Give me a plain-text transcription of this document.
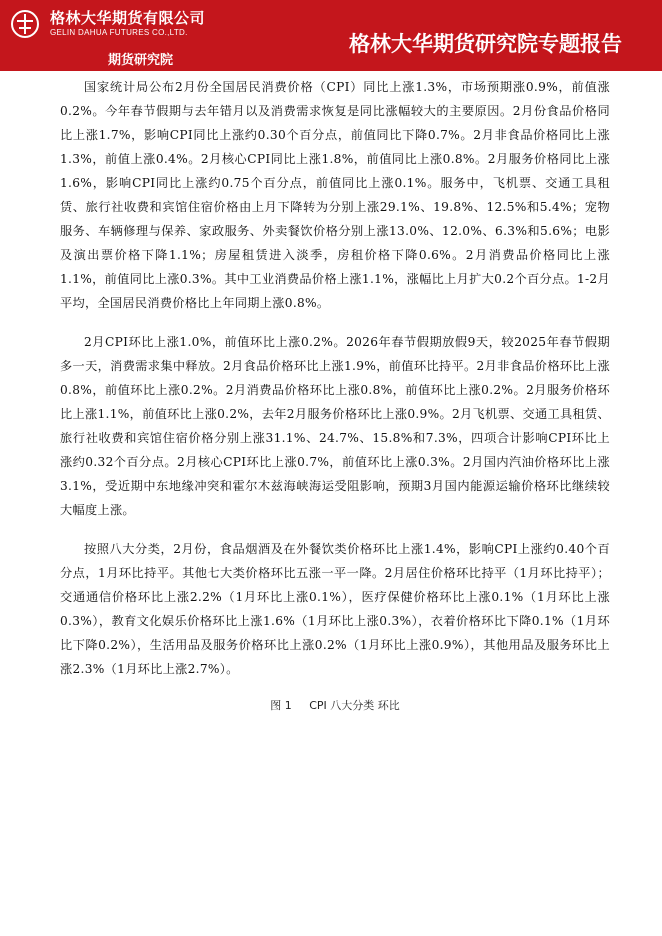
格林大华期货有限公司
GELIN DAHUA FUTURES CO.,LTD.
期货研究院
格林大华期货研究院专题报告

国家统计局公布2月份全国居民消费价格（CPI）同比上涨1.3%，市场预期涨0.9%，前值涨0.2%。今年春节假期与去年错月以及消费需求恢复是同比涨幅较大的主要原因。2月份食品价格同比上涨1.7%，影响CPI同比上涨约0.30个百分点，前值同比下降0.7%。2月非食品价格同比上涨1.3%，前值上涨0.4%。2月核心CPI同比上涨1.8%，前值同比上涨0.8%。2月服务价格同比上涨1.6%，影响CPI同比上涨约0.75个百分点，前值同比上涨0.1%。服务中，飞机票、交通工具租赁、旅行社收费和宾馆住宿价格由上月下降转为分别上涨29.1%、19.8%、12.5%和5.4%；宠物服务、车辆修理与保养、家政服务、外卖餐饮价格分别上涨13.0%、12.0%、6.3%和5.6%；电影及演出票价格下降1.1%；房屋租赁进入淡季，房租价格下降0.6%。2月消费品价格同比上涨1.1%，前值同比上涨0.3%。其中工业消费品价格上涨1.1%，涨幅比上月扩大0.2个百分点。1-2月平均，全国居民消费价格比上年同期上涨0.8%。

2月CPI环比上涨1.0%，前值环比上涨0.2%。2026年春节假期放假9天，较2025年春节假期多一天，消费需求集中释放。2月食品价格环比上涨1.9%，前值环比持平。2月非食品价格环比上涨0.8%，前值环比上涨0.2%。2月消费品价格环比上涨0.8%，前值环比上涨0.2%。2月服务价格环比上涨1.1%，前值环比上涨0.2%，去年2月服务价格环比上涨0.9%。2月飞机票、交通工具租赁、旅行社收费和宾馆住宿价格分别上涨31.1%、24.7%、15.8%和7.3%，四项合计影响CPI环比上涨约0.32个百分点。2月核心CPI环比上涨0.7%，前值环比上涨0.3%。2月国内汽油价格环比上涨3.1%，受近期中东地缘冲突和霍尔木兹海峡海运受阻影响，预期3月国内能源运输价格环比继续较大幅度上涨。

按照八大分类，2月份，食品烟酒及在外餐饮类价格环比上涨1.4%，影响CPI上涨约0.40个百分点，1月环比持平。其他七大类价格环比五涨一平一降。2月居住价格环比持平（1月环比持平）；交通通信价格环比上涨2.2%（1月环比上涨0.1%），医疗保健价格环比上涨0.1%（1月环比上涨0.3%），教育文化娱乐价格环比上涨1.6%（1月环比上涨0.3%），衣着价格环比下降0.1%（1月环比下降0.2%），生活用品及服务价格环比上涨0.2%（1月环比上涨0.9%），其他用品及服务环比上涨2.3%（1月环比上涨2.7%）。

图 1 CPI 八大分类 环比
